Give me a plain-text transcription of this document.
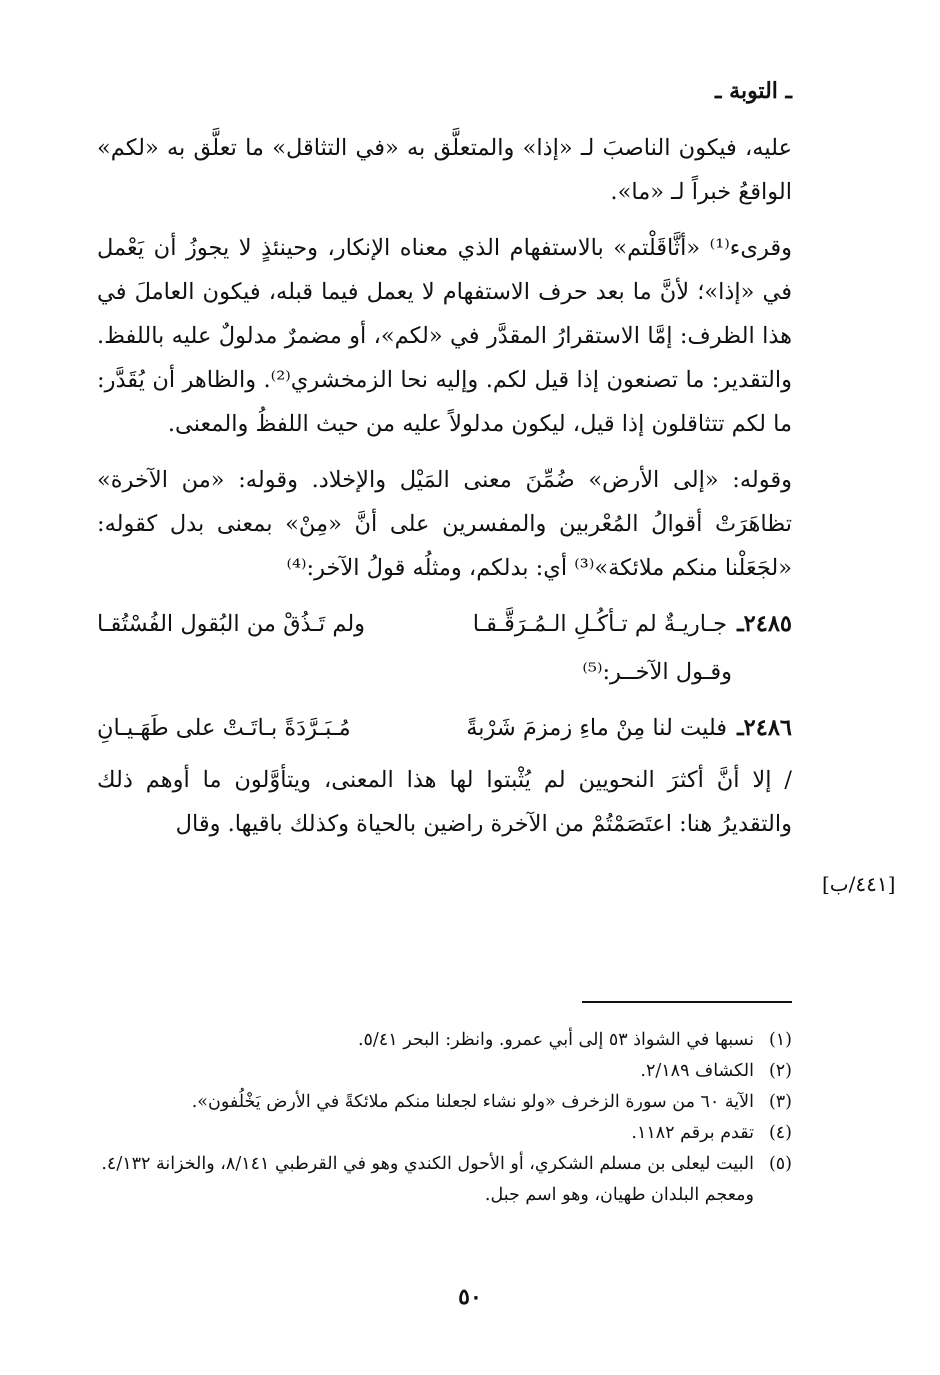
ـ التوبة ـ

عليه، فيكون الناصبَ لـ «إذا» والمتعلَّق به «في التثاقل» ما تعلَّق به «لكم» الواقعُ خبراً لـ «ما».

وقرىء⁽¹⁾ «أثَّاقَلْتم» بالاستفهام الذي معناه الإنكار، وحينئذٍ لا يجوزُ أن يَعْمل في «إذا»؛ لأنَّ ما بعد حرف الاستفهام لا يعمل فيما قبله، فيكون العاملَ في هذا الظرف: إمَّا الاستقرارُ المقدَّر في «لكم»، أو مضمرٌ مدلولٌ عليه باللفظ. والتقدير: ما تصنعون إذا قيل لكم. وإليه نحا الزمخشري⁽²⁾. والظاهر أن يُقَدَّر: ما لكم تتثاقلون إذا قيل، ليكون مدلولاً عليه من حيث اللفظُ والمعنى.

وقوله: «إلى الأرض» ضُمِّنَ معنى المَيْل والإخلاد. وقوله: «من الآخرة» تظاهَرَتْ أقوالُ المُعْربين والمفسرين على أنَّ «مِنْ» بمعنى بدل كقوله: «لجَعَلْنا منكم ملائكة»⁽³⁾ أي: بدلكم، ومثلُه قولُ الآخر:⁽⁴⁾

٢٤٨٥ـ
جـاريـةٌ لم تـأكُـلِ الـمُـرَقَّـقـا
ولم تَـذُقْ من البُقول الفُسْتُقـا

وقـول الآخــر:⁽⁵⁾

٢٤٨٦ـ
فليت لنا مِنْ ماءِ زمزمَ شَرْبةً
مُـبَـرَّدَةً بـاتَـتْ على طَهَـيـانِ

/ إلا أنَّ أكثرَ النحويين لم يُثْبتوا لها هذا المعنى، ويتأوَّلون ما أوهم ذلك والتقديرُ هنا: اعتَصَمْتُمْ من الآخرة راضين بالحياة وكذلك باقيها. وقال

[٤٤١/ب]
(١)
نسبها في الشواذ ٥٣ إلى أبي عمرو. وانظر: البحر ٥/٤١.
(٢)
الكشاف ٢/١٨٩.
(٣)
الآية ٦٠ من سورة الزخرف «ولو نشاء لجعلنا منكم ملائكةً في الأرض يَخْلُفون».
(٤)
تقدم برقم ١١٨٢.
(٥)
البيت ليعلى بن مسلم الشكري، أو الأحول الكندي وهو في القرطبي ٨/١٤١، والخزانة ٤/١٣٢. ومعجم البلدان طهيان، وهو اسم جبل.
٥٠
